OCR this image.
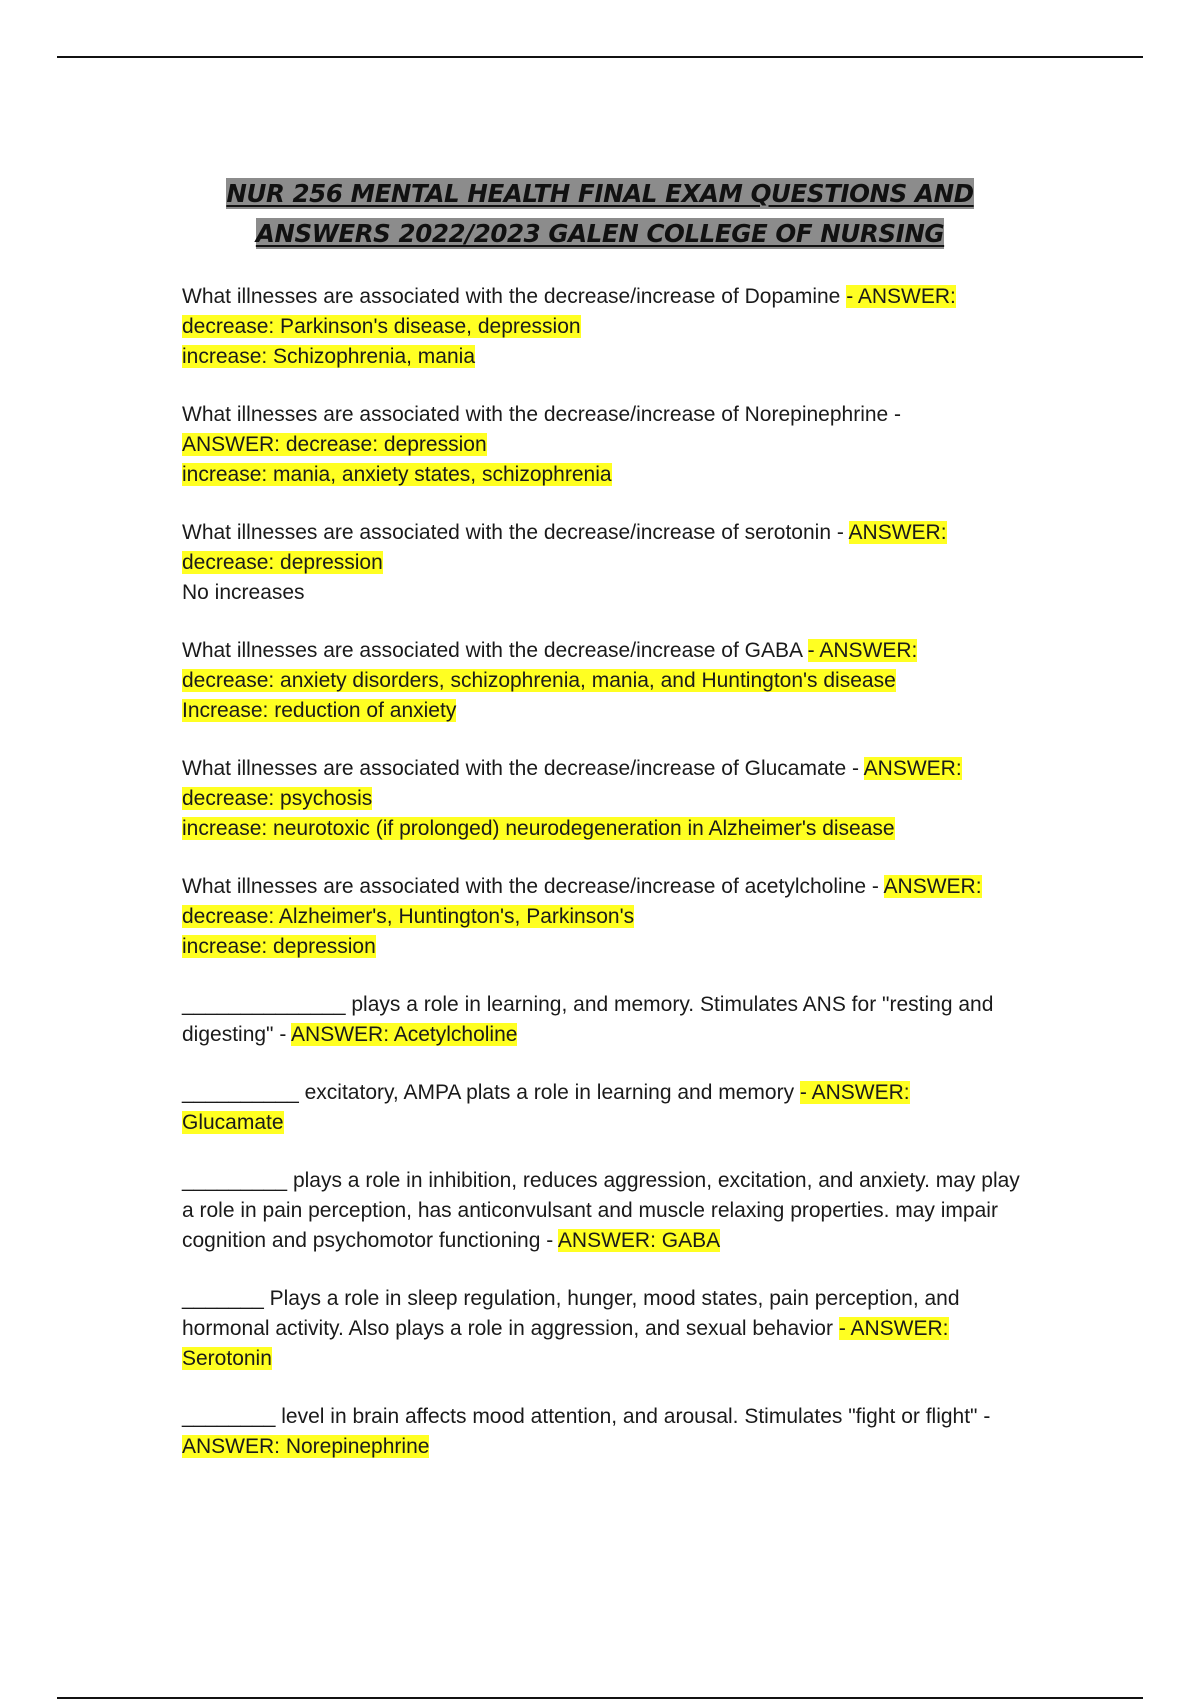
NUR 256 MENTAL HEALTH FINAL EXAM QUESTIONS AND ANSWERS 2022/2023 GALEN COLLEGE OF NURSING

What illnesses are associated with the decrease/increase of Dopamine - ANSWER:
decrease: Parkinson's disease, depression
increase: Schizophrenia, mania

What illnesses are associated with the decrease/increase of Norepinephrine -
ANSWER: decrease: depression
increase: mania, anxiety states, schizophrenia

What illnesses are associated with the decrease/increase of serotonin - ANSWER:
decrease: depression
No increases

What illnesses are associated with the decrease/increase of GABA - ANSWER:
decrease: anxiety disorders, schizophrenia, mania, and Huntington's disease
Increase: reduction of anxiety

What illnesses are associated with the decrease/increase of Glucamate - ANSWER:
decrease: psychosis
increase: neurotoxic (if prolonged) neurodegeneration in Alzheimer's disease

What illnesses are associated with the decrease/increase of acetylcholine - ANSWER:
decrease: Alzheimer's, Huntington's, Parkinson's
increase: depression

______________ plays a role in learning, and memory. Stimulates ANS for "resting and digesting" - ANSWER: Acetylcholine

__________ excitatory, AMPA plats a role in learning and memory - ANSWER:
Glucamate

_________ plays a role in inhibition, reduces aggression, excitation, and anxiety. may play a role in pain perception, has anticonvulsant and muscle relaxing properties. may impair cognition and psychomotor functioning - ANSWER: GABA

_______ Plays a role in sleep regulation, hunger, mood states, pain perception, and hormonal activity. Also plays a role in aggression, and sexual behavior - ANSWER:
Serotonin

________ level in brain affects mood attention, and arousal. Stimulates "fight or flight" - ANSWER: Norepinephrine
